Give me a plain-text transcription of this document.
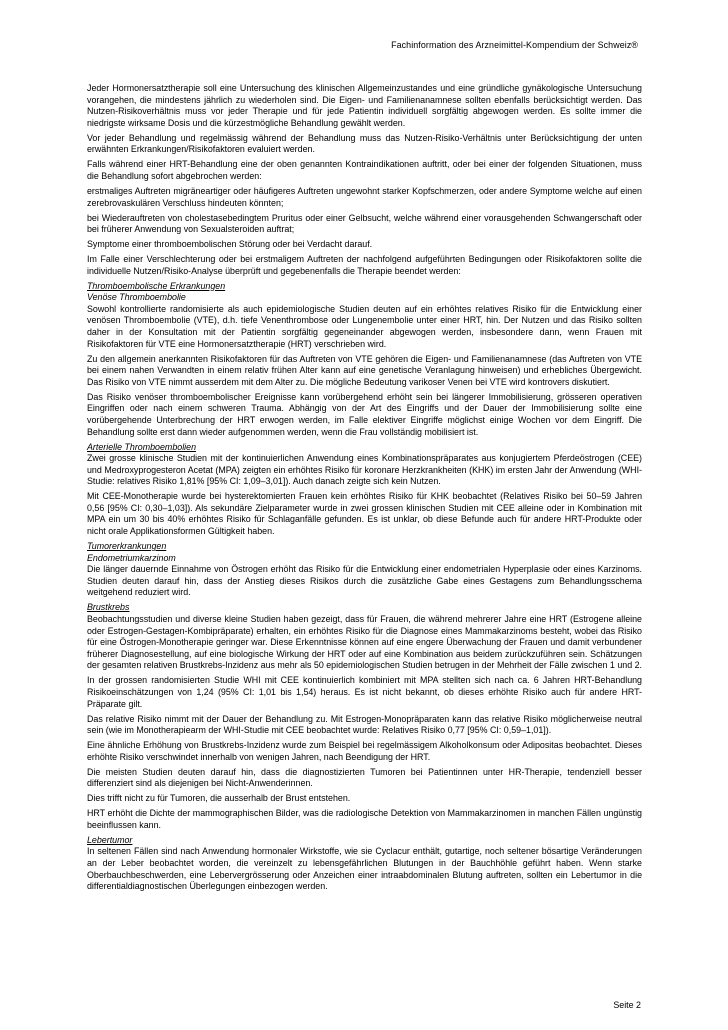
Fachinformation des Arzneimittel-Kompendium der Schweiz®

Jeder Hormonersatztherapie soll eine Untersuchung des klinischen Allgemeinzustandes und eine gründliche gynäkologische Untersuchung vorangehen, die mindestens jährlich zu wiederholen sind. Die Eigen- und Familienanamnese sollten ebenfalls berücksichtigt werden. Das Nutzen-Risikoverhältnis muss vor jeder Therapie und für jede Patientin individuell sorgfältig abgewogen werden. Es sollte immer die niedrigste wirksame Dosis und die kürzestmögliche Behandlung gewählt werden.

Vor jeder Behandlung und regelmässig während der Behandlung muss das Nutzen-Risiko-Verhältnis unter Berücksichtigung der unten erwähnten Erkrankungen/Risikofaktoren evaluiert werden.

Falls während einer HRT-Behandlung eine der oben genannten Kontraindikationen auftritt, oder bei einer der folgenden Situationen, muss die Behandlung sofort abgebrochen werden:

erstmaliges Auftreten migräneartiger oder häufigeres Auftreten ungewohnt starker Kopfschmerzen, oder andere Symptome welche auf einen zerebrovaskulären Verschluss hindeuten könnten;

bei Wiederauftreten von cholestasebedingtem Pruritus oder einer Gelbsucht, welche während einer vorausgehenden Schwangerschaft oder bei früherer Anwendung von Sexualsteroiden auftrat;

Symptome einer thromboembolischen Störung oder bei Verdacht darauf.

Im Falle einer Verschlechterung oder bei erstmaligem Auftreten der nachfolgend aufgeführten Bedingungen oder Risikofaktoren sollte die individuelle Nutzen/Risiko-Analyse überprüft und gegebenenfalls die Therapie beendet werden:

Thromboembolische Erkrankungen
Venöse Thromboembolie

Sowohl kontrollierte randomisierte als auch epidemiologische Studien deuten auf ein erhöhtes relatives Risiko für die Entwicklung einer venösen Thromboembolie (VTE), d.h. tiefe Venenthrombose oder Lungenembolie unter einer HRT, hin. Der Nutzen und das Risiko sollten daher in der Konsultation mit der Patientin sorgfältig gegeneinander abgewogen werden, insbesondere dann, wenn Frauen mit Risikofaktoren für VTE eine Hormonersatztherapie (HRT) verschrieben wird.

Zu den allgemein anerkannten Risikofaktoren für das Auftreten von VTE gehören die Eigen- und Familienanamnese (das Auftreten von VTE bei einem nahen Verwandten in einem relativ frühen Alter kann auf eine genetische Veranlagung hinweisen) und erhebliches Übergewicht. Das Risiko von VTE nimmt ausserdem mit dem Alter zu. Die mögliche Bedeutung varikoser Venen bei VTE wird kontrovers diskutiert.

Das Risiko venöser thromboembolischer Ereignisse kann vorübergehend erhöht sein bei längerer Immobilisierung, grösseren operativen Eingriffen oder nach einem schweren Trauma. Abhängig von der Art des Eingriffs und der Dauer der Immobilisierung sollte eine vorübergehende Unterbrechung der HRT erwogen werden, im Falle elektiver Eingriffe möglichst einige Wochen vor dem Eingriff. Die Behandlung sollte erst dann wieder aufgenommen werden, wenn die Frau vollständig mobilisiert ist.

Arterielle Thromboembolien

Zwei grosse klinische Studien mit der kontinuierlichen Anwendung eines Kombinationspräparates aus konjugiertem Pferdeöstrogen (CEE) und Medroxyprogesteron Acetat (MPA) zeigten ein erhöhtes Risiko für koronare Herzkrankheiten (KHK) im ersten Jahr der Anwendung (WHI-Studie: relatives Risiko 1,81% [95% CI: 1,09–3,01]). Auch danach zeigte sich kein Nutzen.

Mit CEE-Monotherapie wurde bei hysterektomierten Frauen kein erhöhtes Risiko für KHK beobachtet (Relatives Risiko bei 50–59 Jahren 0,56 [95% CI: 0,30–1,03]). Als sekundäre Zielparameter wurde in zwei grossen klinischen Studien mit CEE alleine oder in Kombination mit MPA ein um 30 bis 40% erhöhtes Risiko für Schlaganfälle gefunden. Es ist unklar, ob diese Befunde auch für andere HRT-Produkte oder nicht orale Applikationsformen Gültigkeit haben.

Tumorerkrankungen
Endometriumkarzinom

Die länger dauernde Einnahme von Östrogen erhöht das Risiko für die Entwicklung einer endometrialen Hyperplasie oder eines Karzinoms. Studien deuten darauf hin, dass der Anstieg dieses Risikos durch die zusätzliche Gabe eines Gestagens zum Behandlungsschema weitgehend reduziert wird.

Brustkrebs

Beobachtungsstudien und diverse kleine Studien haben gezeigt, dass für Frauen, die während mehrerer Jahre eine HRT (Estrogene alleine oder Estrogen-Gestagen-Kombipräparate) erhalten, ein erhöhtes Risiko für die Diagnose eines Mammakarzinoms besteht, wobei das Risiko für eine Östrogen-Monotherapie geringer war. Diese Erkenntnisse können auf eine engere Überwachung der Frauen und damit verbundener früherer Diagnosestellung, auf eine biologische Wirkung der HRT oder auf eine Kombination aus beidem zurückzuführen sein. Schätzungen der gesamten relativen Brustkrebs-Inzidenz aus mehr als 50 epidemiologischen Studien betrugen in der Mehrheit der Fälle zwischen 1 und 2.

In der grossen randomisierten Studie WHI mit CEE kontinuierlich kombiniert mit MPA stellten sich nach ca. 6 Jahren HRT-Behandlung Risikoeinschätzungen von 1,24 (95% CI: 1,01 bis 1,54) heraus. Es ist nicht bekannt, ob dieses erhöhte Risiko auch für andere HRT-Präparate gilt.

Das relative Risiko nimmt mit der Dauer der Behandlung zu. Mit Estrogen-Monopräparaten kann das relative Risiko möglicherweise neutral sein (wie im Monotherapiearm der WHI-Studie mit CEE beobachtet wurde: Relatives Risiko 0,77 [95% CI: 0,59–1,01]).

Eine ähnliche Erhöhung von Brustkrebs-Inzidenz wurde zum Beispiel bei regelmässigem Alkoholkonsum oder Adipositas beobachtet. Dieses erhöhte Risiko verschwindet innerhalb von wenigen Jahren, nach Beendigung der HRT.

Die meisten Studien deuten darauf hin, dass die diagnostizierten Tumoren bei Patientinnen unter HR-Therapie, tendenziell besser differenziert sind als diejenigen bei Nicht-Anwenderinnen.

Dies trifft nicht zu für Tumoren, die ausserhalb der Brust entstehen.

HRT erhöht die Dichte der mammographischen Bilder, was die radiologische Detektion von Mammakarzinomen in manchen Fällen ungünstig beeinflussen kann.

Lebertumor

In seltenen Fällen sind nach Anwendung hormonaler Wirkstoffe, wie sie Cyclacur enthält, gutartige, noch seltener bösartige Veränderungen an der Leber beobachtet worden, die vereinzelt zu lebensgefährlichen Blutungen in der Bauchhöhle geführt haben. Wenn starke Oberbauchbeschwerden, eine Lebervergrösserung oder Anzeichen einer intraabdominalen Blutung auftreten, sollten ein Lebertumor in die differentialdiagnostischen Überlegungen einbezogen werden.

Seite 2
